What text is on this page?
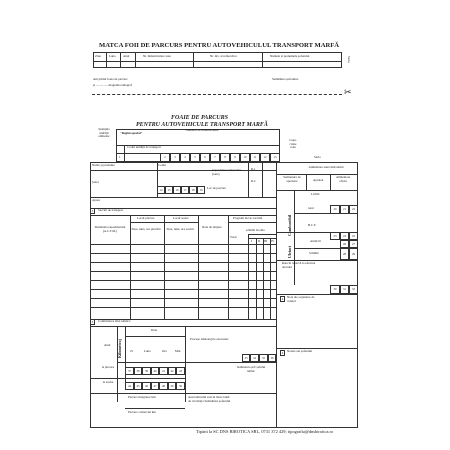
MATCA FOII DE PARCURS PENTRU AUTOVEHICULUL TRANSPORT MARFĂ
Ziua	Luna Anul	Nr. înmatriculare auto	Nr. inv. al remorcilor	Numele și prenumele șoferului	Seria
Am primit foaia de parcurs
și ................diagrama tahograf
Semnătura șoferului,
✂
FOAIE DE PARCURS
PENTRU AUTOVEHICULE TRANSPORT MARFĂ
Ștampila unității emitente
"Regim special"
Numărul de înmatriculare
Capa-citate tona
Codul unității de transport
1	2	3	4	5	6	7	8	9	10	11	12	13	Seria
Nume și prenume	Codul
Șofer
Capacitatea remorcilor (tone)
R.1
R.2
14	15	16	17	18	19	Loc de parcare
Ajutor
3	Sarcini de transport
Destinatia expeditorului (A.C.T.M.)
Locul plecare	Locul sosire
Ziua, luna, ora plecării	Ziua, luna, ora sosirii	Rata de drujare
Program lucru/ sarcină
schimb în zina
Total
I II III IV
Alimentare autovehicolului
Semnatura de aprobare	Aprobat
Alimentare oficiu
Combustibil
Lichid
total
B.C.F.
20	21	22
Uleiuri
Antiiciti
Schimb
23	24	25
26	27
28	29
Rata în rezervă la efectuat decadei
30	31	32
4	Note ale organelor de control
5	Confirmarea zilei tehnice
Anul Kilometraj
Data
Zi	Luna	Ora	Min
Procese tehnologice executate
Semnatura șef/ șefului tehnic
33	34	35	36
la plecare
37	38	39	40	41	42	43
la sosire
44	45	46	47	48	49	50
6	Notele ale șoferului
Parcurs integrator km	Autovehiculul este în mare bună de circulația Semnătura șoferului
Parcurs comercial km
Tipărit la SC DNS BIROTICA SRL, 0731 372 429; tipografia@dnsbirotica.ro
